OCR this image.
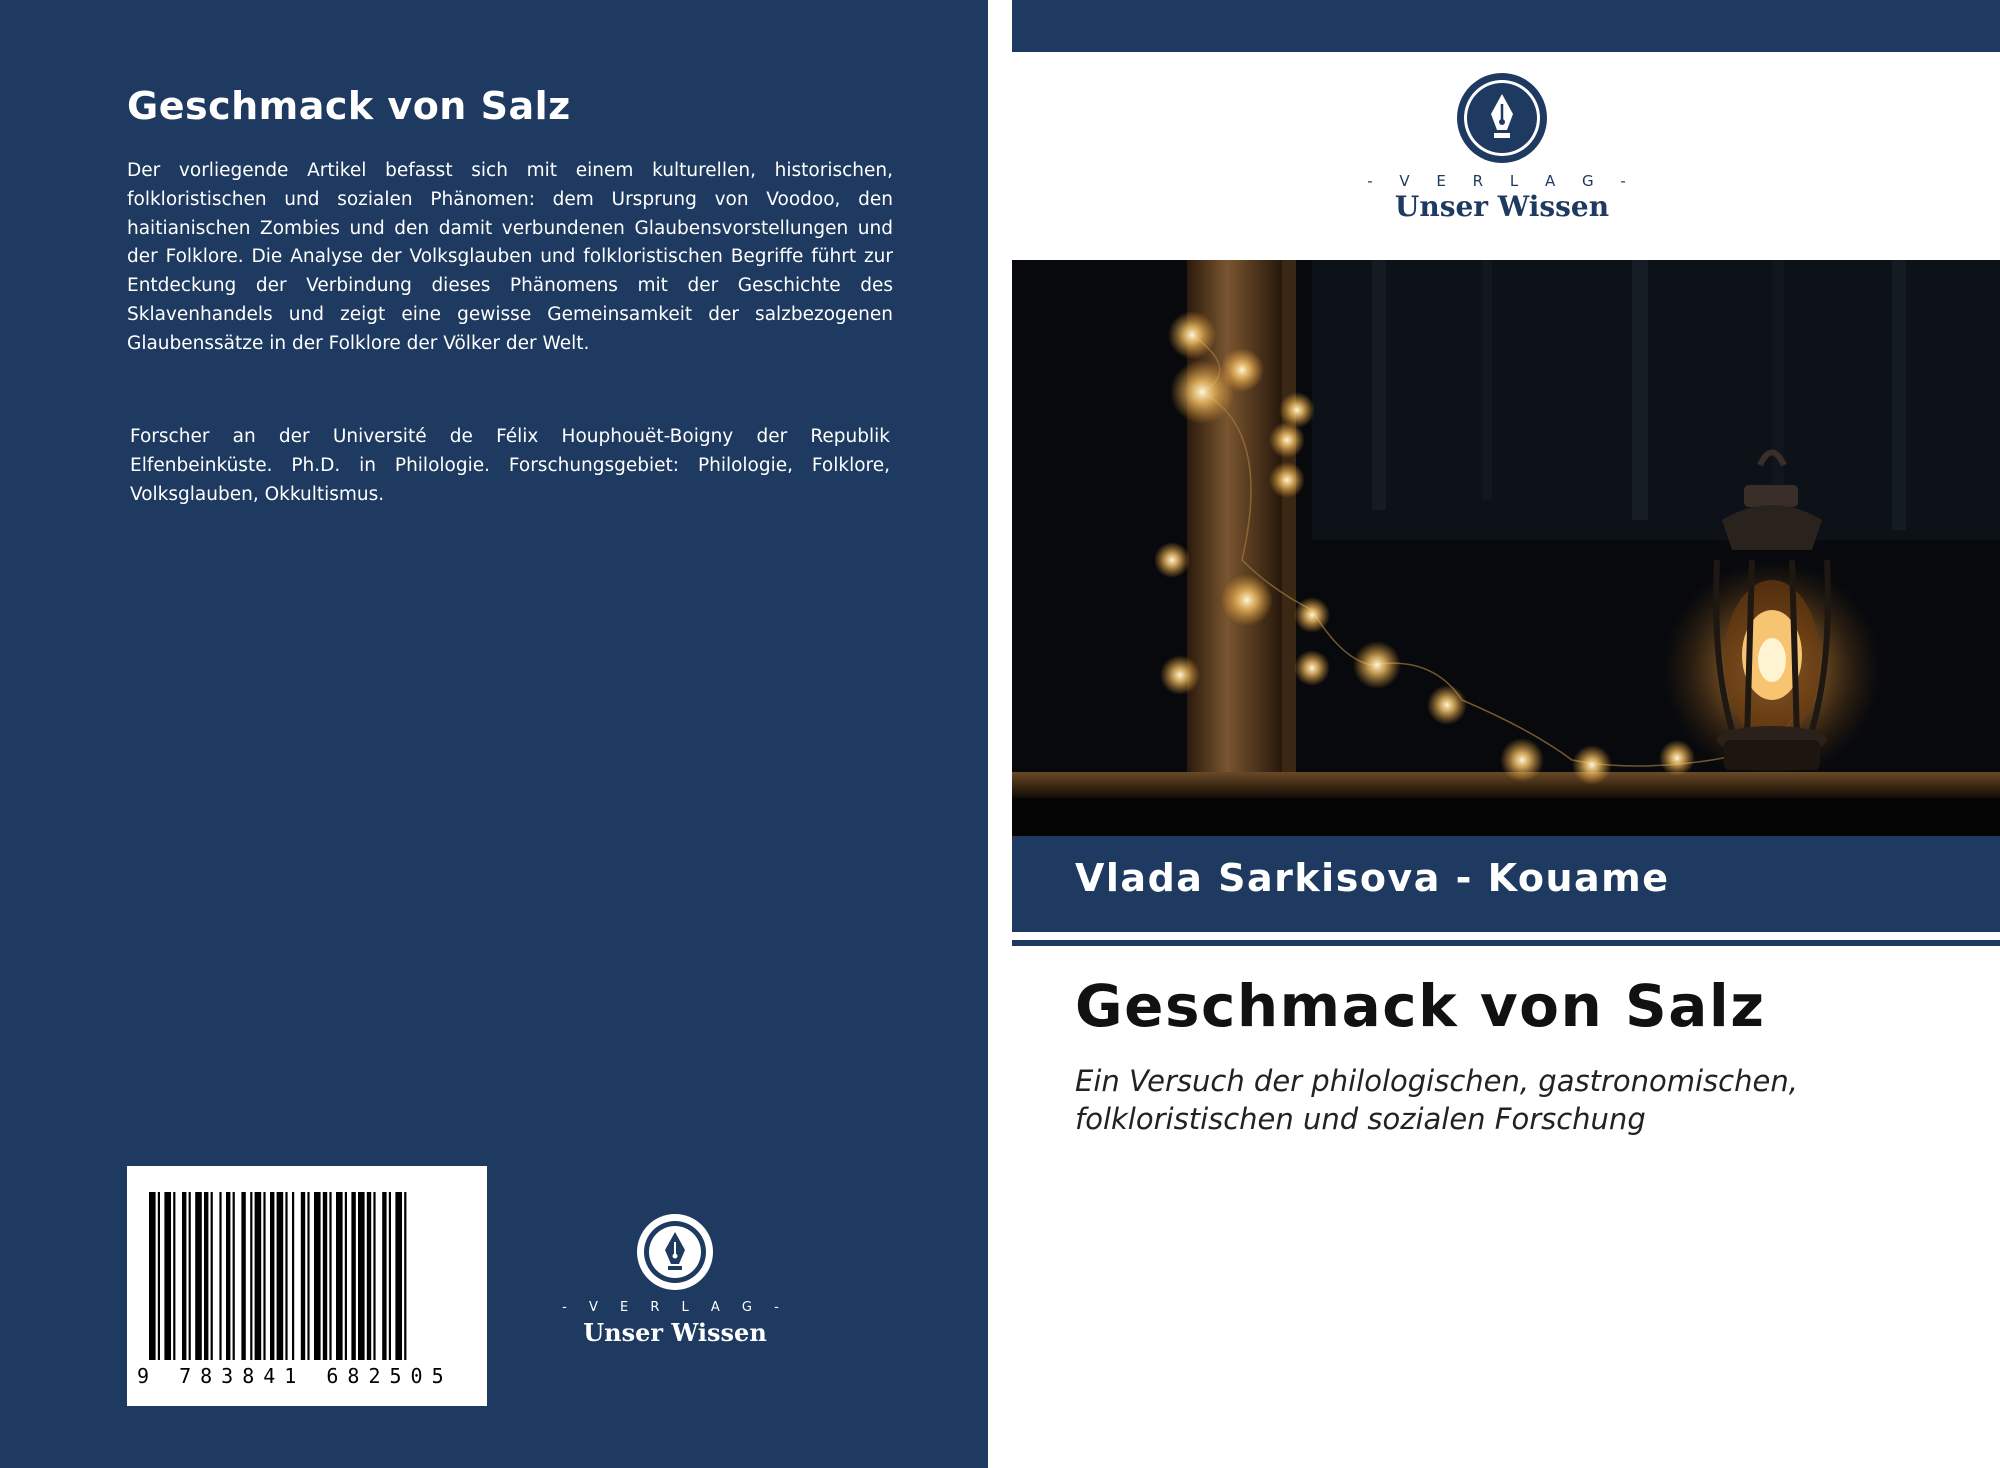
Geschmack von Salz

Der vorliegende Artikel befasst sich mit einem kulturellen, historischen, folkloristischen und sozialen Phänomen: dem Ursprung von Voodoo, den haitianischen Zombies und den damit verbundenen Glaubensvorstellungen und der Folklore. Die Analyse der Volksglauben und folkloristischen Begriffe führt zur Entdeckung der Verbindung dieses Phänomens mit der Geschichte des Sklavenhandels und zeigt eine gewisse Gemeinsamkeit der salzbezogenen Glaubenssätze in der Folklore der Völker der Welt.

Forscher an der Université de Félix Houphouët-Boigny der Republik Elfenbeinküste. Ph.D. in Philologie. Forschungsgebiet: Philologie, Folklore, Volksglauben, Okkultismus.

9 783841 682505
- V E R L A G -
Unser Wissen
- V E R L A G -
Unser Wissen

Vlada Sarkisova - Kouame

Geschmack von Salz

Ein Versuch der philologischen, gastronomischen, folkloristischen und sozialen Forschung
